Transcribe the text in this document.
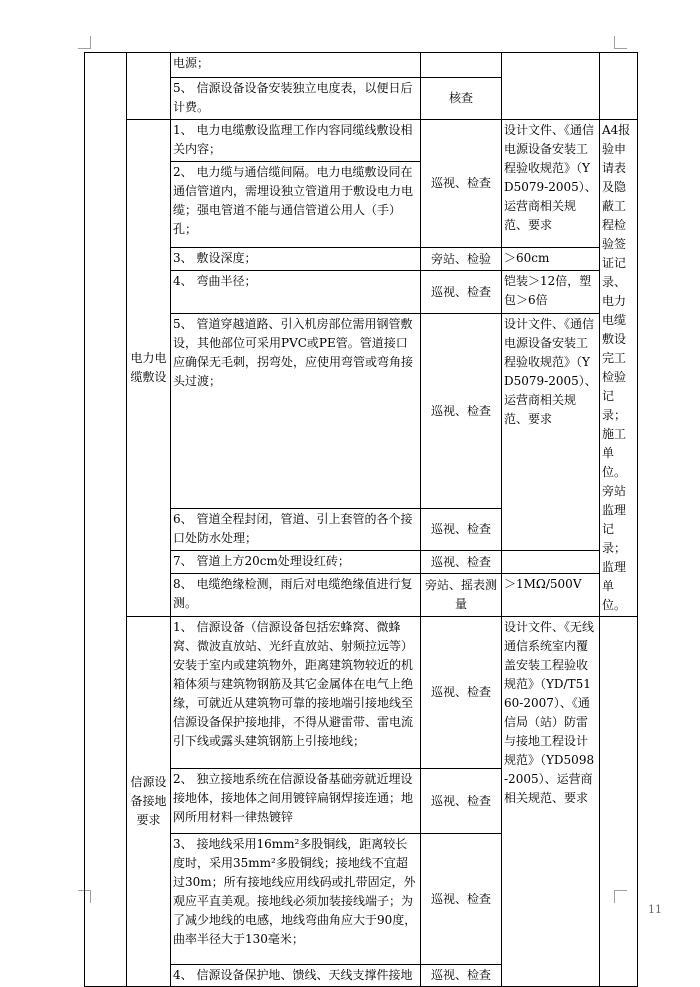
		电源；			
		5、 信源设备设备安装独立电度表，以便日后计费。	核查		
	电力电缆敷设	1、 电力电缆敷设监理工作内容同缆线敷设相关内容；	巡视、检查	设计文件、《通信电源设备安装工程验收规范》（YD5079-2005）、运营商相关规范、要求	A4报验申请表及隐蔽工程检验签证记录、电力电缆敷设完工检验记录；施工单位。旁站监理记录；监理单位。
		2、 电力缆与通信缆间隔。电力电缆敷设同在通信管道内，需埋设独立管道用于敷设电力电缆；强电管道不能与通信管道公用人（手）孔；			
		3、 敷设深度；	旁站、检验	＞60cm	
		4、 弯曲半径；	巡视、检查	铠装＞12倍，塑包＞6倍	
		5、 管道穿越道路、引入机房部位需用钢管敷设，其他部位可采用PVC或PE管。管道接口应确保无毛刺，拐弯处，应使用弯管或弯角接头过渡；	巡视、检查	设计文件、《通信电源设备安装工程验收规范》（YD5079-2005）、运营商相关规范、要求	
		6、 管道全程封闭，管道、引上套管的各个接口处防水处理；	巡视、检查		
		7、 管道上方20cm处理设红砖；	巡视、检查		
		8、 电缆绝缘检测，雨后对电缆绝缘值进行复测。	旁站、摇表测量	＞1MΩ/500V	
	信源设备接地要求	1、 信源设备（信源设备包括宏蜂窝、微蜂窝、微波直放站、光纤直放站、射频拉远等）安装于室内或建筑物外，距离建筑物较近的机箱体须与建筑物钢筋及其它金属体在电气上绝缘，可就近从建筑物可靠的接地端引接地线至信源设备保护接地排，不得从避雷带、雷电流引下线或露头建筑钢筋上引接地线；	巡视、检查	设计文件、《无线通信系统室内覆盖安装工程验收规范》（YD/T5160-2007）、《通信局（站）防雷与接地工程设计规范》（YD5098-2005）、运营商相关规范、要求	
		2、 独立接地系统在信源设备基础旁就近埋设接地体，接地体之间用镀锌扁钢焊接连通；地网所用材料一律热镀锌	巡视、检查		
		3、 接地线采用16mm²多股铜线，距离较长度时，采用35mm²多股铜线；接地线不宜超过30m；所有接地线应用线码或扎带固定，外观应平直美观。接地线必须加装接线端子；为了减少地线的电感，地线弯曲角应大于90度，曲率半径大于130毫米；	巡视、检查		
		4、 信源设备保护地、馈线、天线支撑件接地	巡视、检查		
11
